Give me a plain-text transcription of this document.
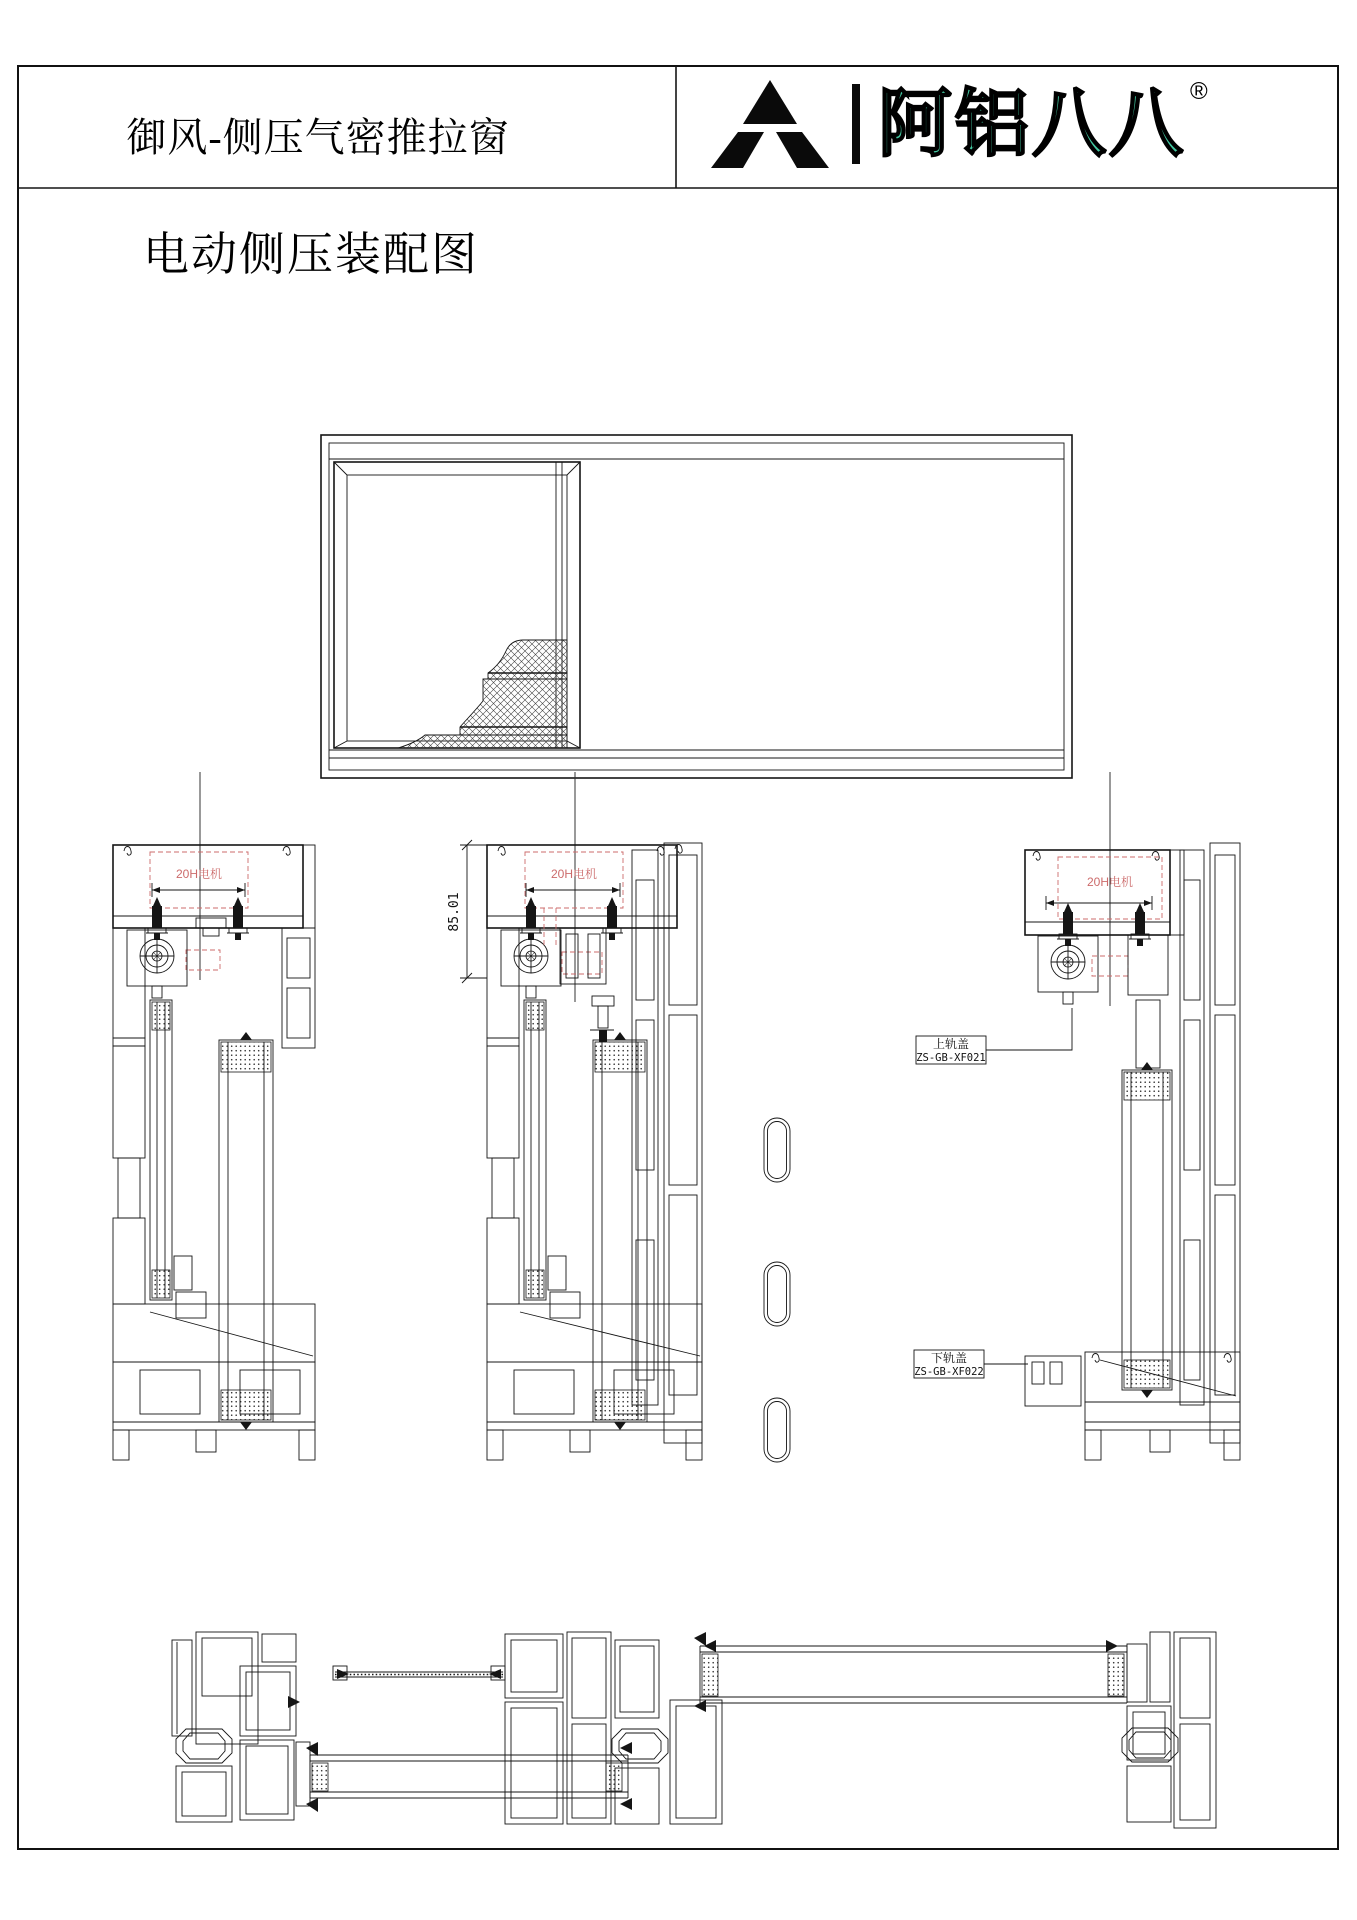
20H电机
85.01
20H电机
20H电机
上轨盖
ZS-GB-XF021
下轨盖
ZS-GB-XF022
御风-侧压气密推拉窗	阿铝八八 ®
电动侧压装配图
